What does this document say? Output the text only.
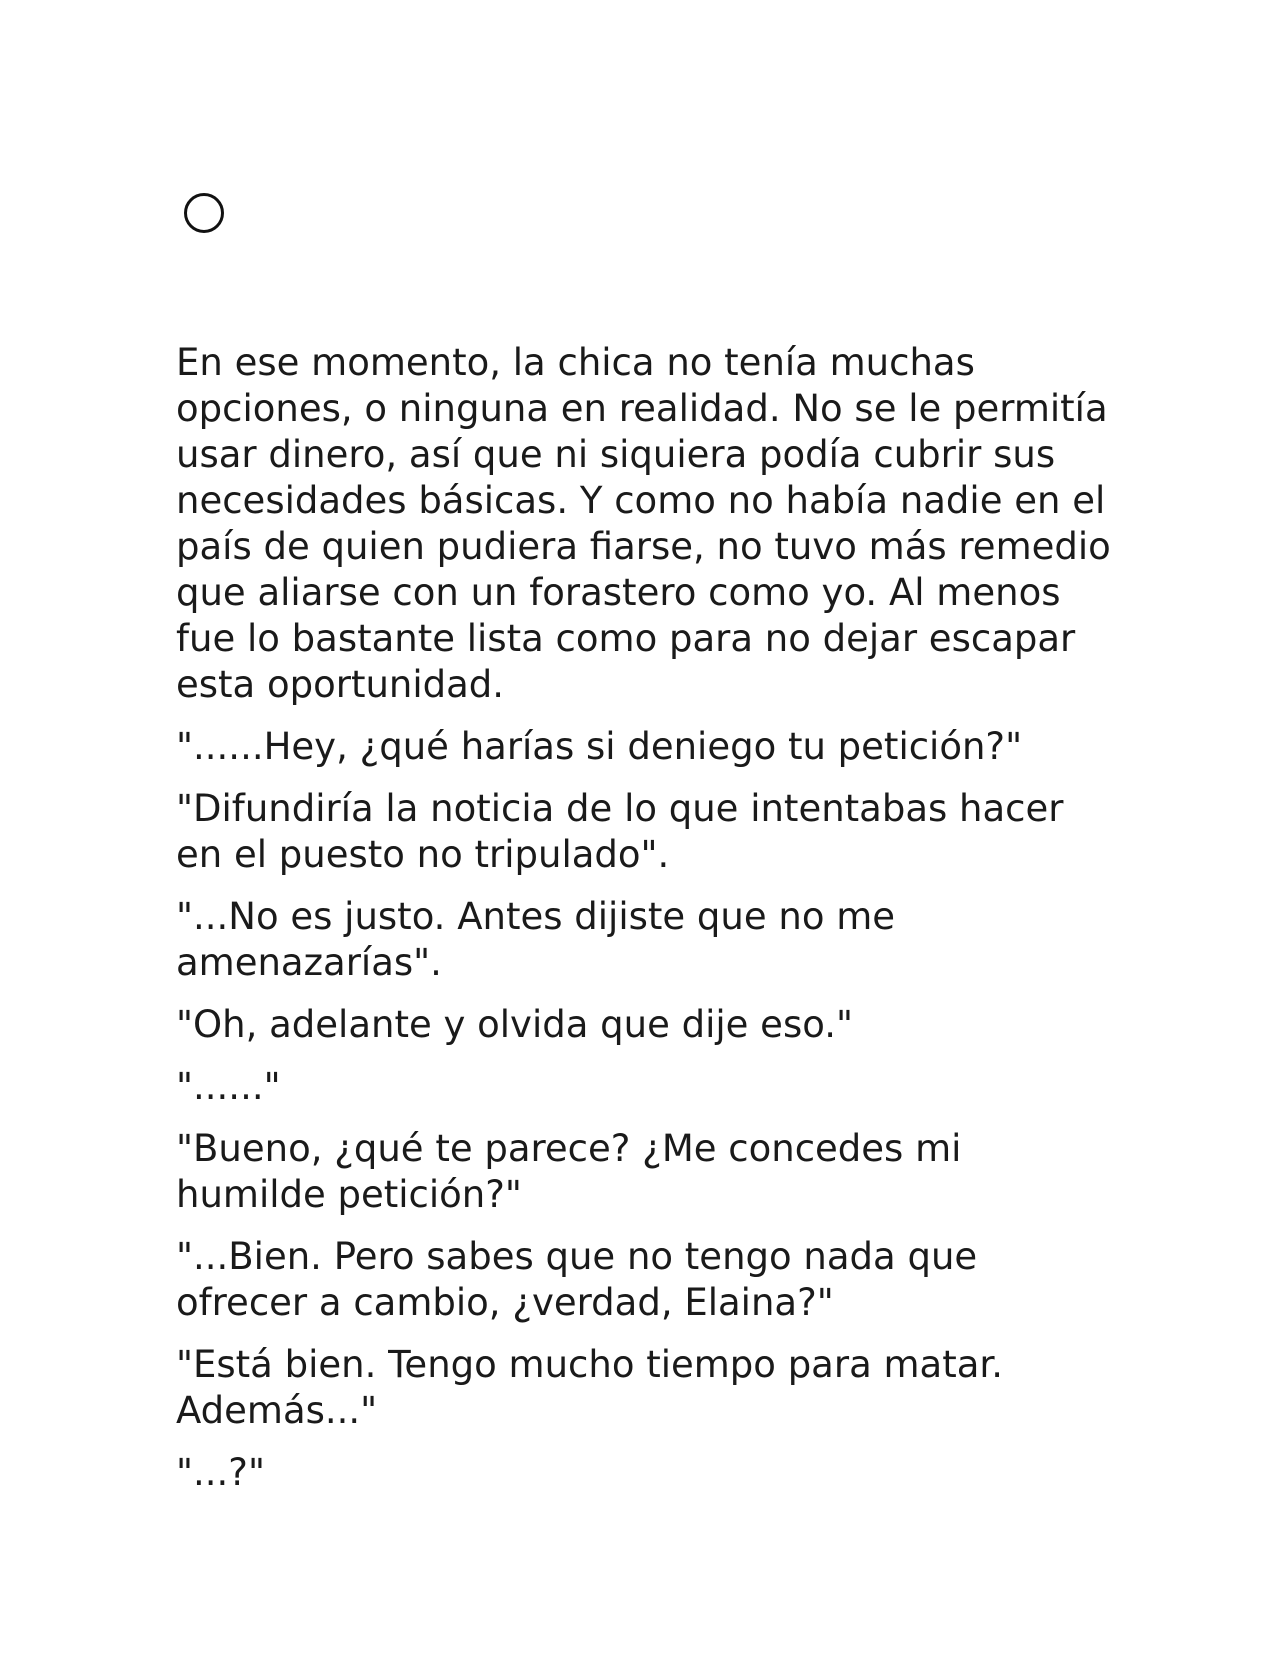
En ese momento, la chica no tenía muchas opciones, o ninguna en realidad. No se le permitía usar dinero, así que ni siquiera podía cubrir sus necesidades básicas. Y como no había nadie en el país de quien pudiera fiarse, no tuvo más remedio que aliarse con un forastero como yo. Al menos fue lo bastante lista como para no dejar escapar esta oportunidad.

"......Hey, ¿qué harías si deniego tu petición?"

"Difundiría la noticia de lo que intentabas hacer en el puesto no tripulado".

"...No es justo. Antes dijiste que no me amenazarías".

"Oh, adelante y olvida que dije eso."

"......"

"Bueno, ¿qué te parece? ¿Me concedes mi humilde petición?"

"...Bien. Pero sabes que no tengo nada que ofrecer a cambio, ¿verdad, Elaina?"

"Está bien. Tengo mucho tiempo para matar. Además..."

"...?"
